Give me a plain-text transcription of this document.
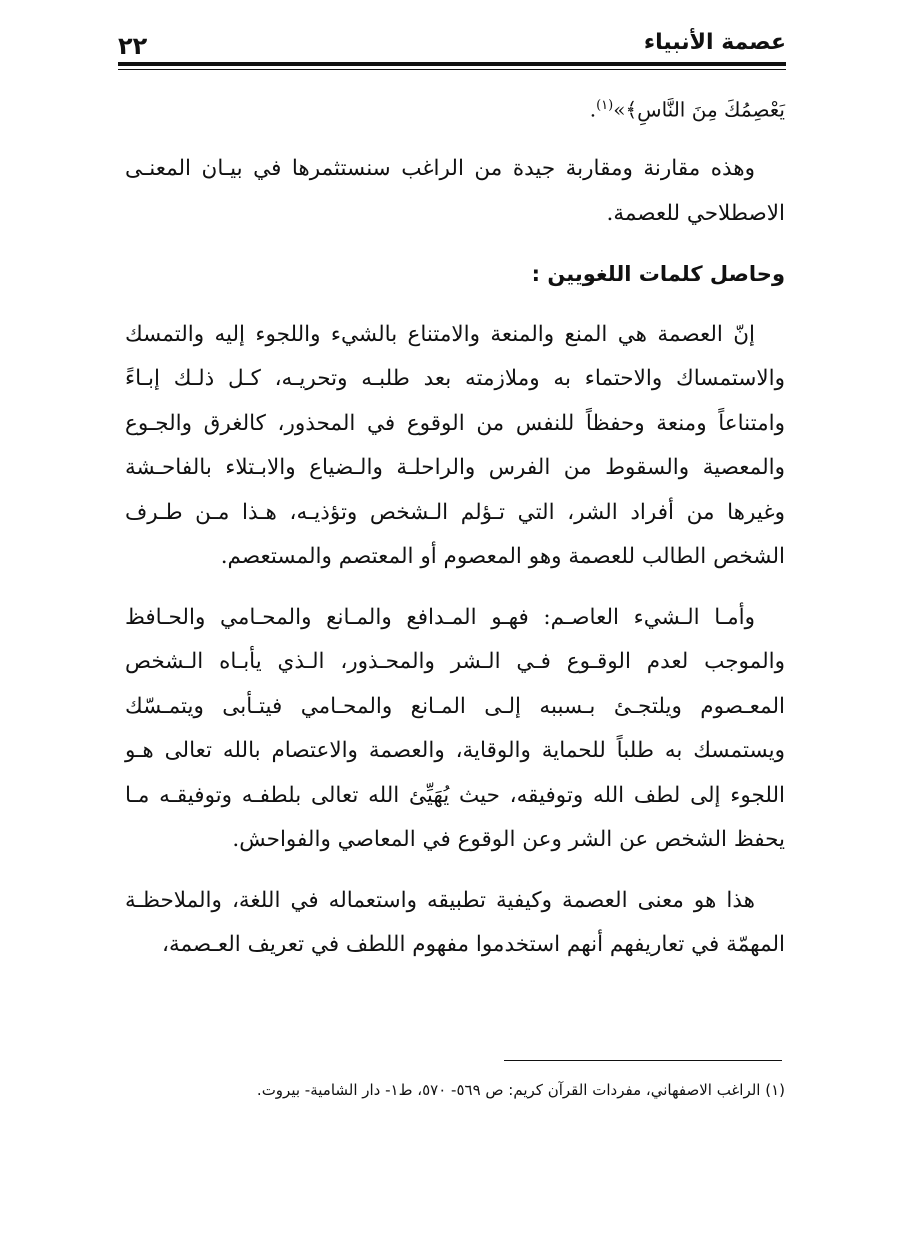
٢٢	عصمة الأنبياء

يَعْصِمُكَ مِنَ النَّاسِ﴾»$^{(١)}$.

وهذه مقارنة ومقاربة جيدة من الراغب سنستثمرها في بيـان المعنـى الاصطلاحي للعصمة.

وحاصل كلمات اللغويين :

إنّ العصمة هي المنع والمنعة والامتناع بالشيء واللجوء إليه والتمسك والاستمساك والاحتماء به وملازمته بعد طلبـه وتحريـه، كـل ذلـك إبـاءً وامتناعاً ومنعة وحفظاً للنفس من الوقوع في المحذور، كالغرق والجـوع والمعصية والسقوط من الفرس والراحلـة والـضياع والابـتلاء بالفاحـشة وغيرها من أفراد الشر، التي تـؤلم الـشخص وتؤذيـه، هـذا مـن طـرف الشخص الطالب للعصمة وهو المعصوم أو المعتصم والمستعصم.

وأمـا الـشيء العاصـم: فهـو المـدافع والمـانع والمحـامي والحـافظ والموجب لعدم الوقـوع فـي الـشر والمحـذور، الـذي يأبـاه الـشخص المعـصوم ويلتجـئ بـسببه إلـى المـانع والمحـامي فيتـأبى ويتمـسّك ويستمسك به طلباً للحماية والوقاية، والعصمة والاعتصام بالله تعالى هـو اللجوء إلى لطف الله وتوفيقه، حيث يُهَيِّئ الله تعالى بلطفـه وتوفيقـه مـا يحفظ الشخص عن الشر وعن الوقوع في المعاصي والفواحش.

هذا هو معنى العصمة وكيفية تطبيقه واستعماله في اللغة، والملاحظـة المهمّة في تعاريفهم أنهم استخدموا مفهوم اللطف في تعريف العـصمة،

(١) الراغب الاصفهاني، مفردات القرآن كريم: ص ٥٦٩- ٥٧٠، ط١- دار الشامية- بيروت.
